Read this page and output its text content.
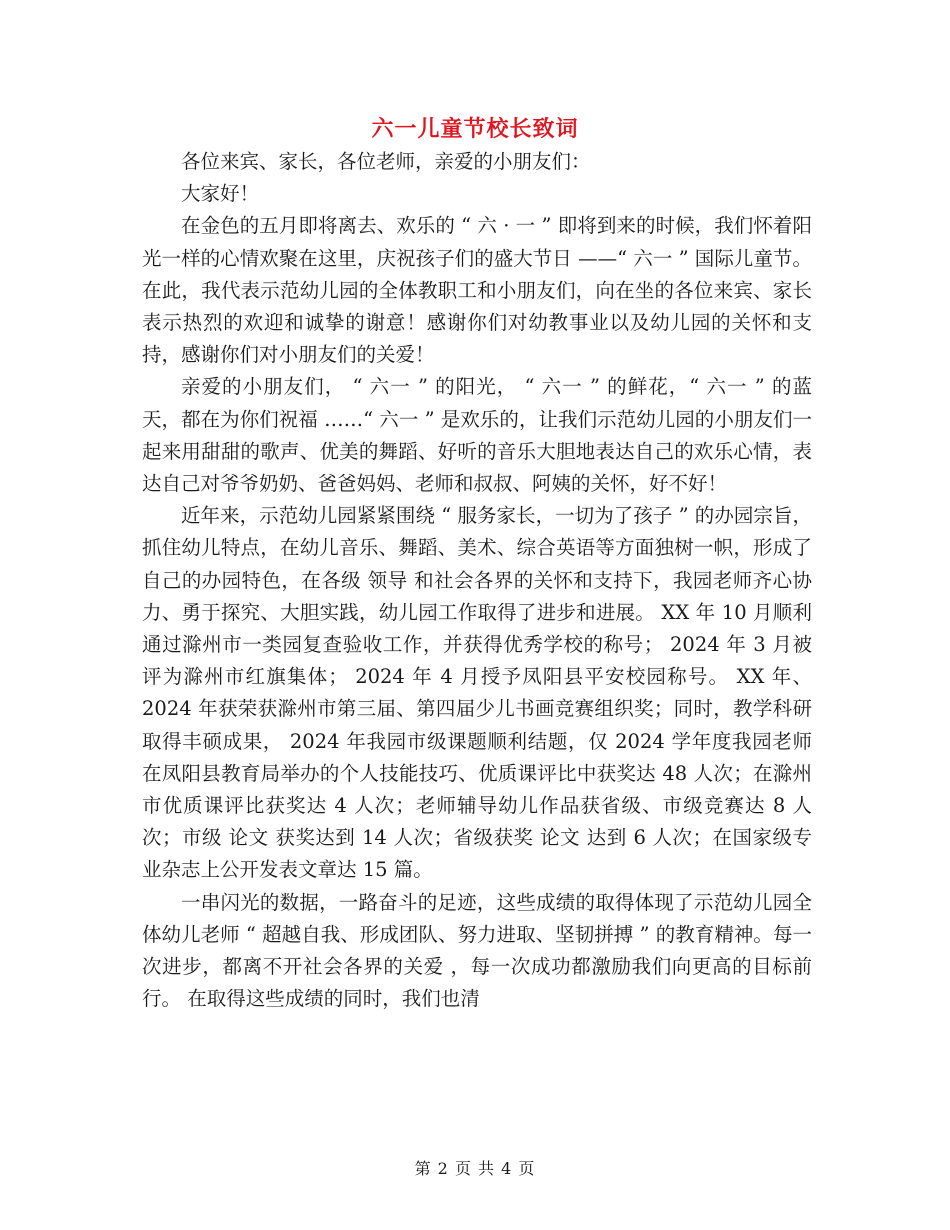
六一儿童节校长致词

各位来宾、家长，各位老师，亲爱的小朋友们：

大家好！

在金色的五月即将离去、欢乐的 “ 六 · 一 ” 即将到来的时候，我们怀着阳光一样的心情欢聚在这里，庆祝孩子们的盛大节日 ——“ 六一 ” 国际儿童节。在此，我代表示范幼儿园的全体教职工和小朋友们，向在坐的各位来宾、家长表示热烈的欢迎和诚挚的谢意！感谢你们对幼教事业以及幼儿园的关怀和支持，感谢你们对小朋友们的关爱！

亲爱的小朋友们， “ 六一 ” 的阳光， “ 六一 ” 的鲜花，“ 六一 ” 的蓝天，都在为你们祝福 ……“ 六一 ” 是欢乐的，让我们示范幼儿园的小朋友们一起来用甜甜的歌声、优美的舞蹈、好听的音乐大胆地表达自己的欢乐心情，表达自己对爷爷奶奶、爸爸妈妈、老师和叔叔、阿姨的关怀，好不好！

近年来，示范幼儿园紧紧围绕 “ 服务家长，一切为了孩子 ” 的办园宗旨，抓住幼儿特点，在幼儿音乐、舞蹈、美术、综合英语等方面独树一帜，形成了自己的办园特色，在各级 领导 和社会各界的关怀和支持下，我园老师齐心协力、勇于探究、大胆实践，幼儿园工作取得了进步和进展。 XX 年 10 月顺利通过滁州市一类园复查验收工作，并获得优秀学校的称号； 2024 年 3 月被评为滁州市红旗集体； 2024 年 4 月授予凤阳县平安校园称号。 XX 年、 2024 年获荣获滁州市第三届、第四届少儿书画竞赛组织奖；同时，教学科研取得丰硕成果， 2024 年我园市级课题顺利结题，仅 2024 学年度我园老师在凤阳县教育局举办的个人技能技巧、优质课评比中获奖达 48 人次；在滁州市优质课评比获奖达 4 人次；老师辅导幼儿作品获省级、市级竞赛达 8 人次；市级 论文 获奖达到 14 人次；省级获奖 论文 达到 6 人次；在国家级专业杂志上公开发表文章达 15 篇。

一串闪光的数据，一路奋斗的足迹，这些成绩的取得体现了示范幼儿园全体幼儿老师 “ 超越自我、形成团队、努力进取、坚韧拼搏 ” 的教育精神。每一次进步，都离不开社会各界的关爱 ，每一次成功都激励我们向更高的目标前行。 在取得这些成绩的同时，我们也清

第 2 页 共 4 页
